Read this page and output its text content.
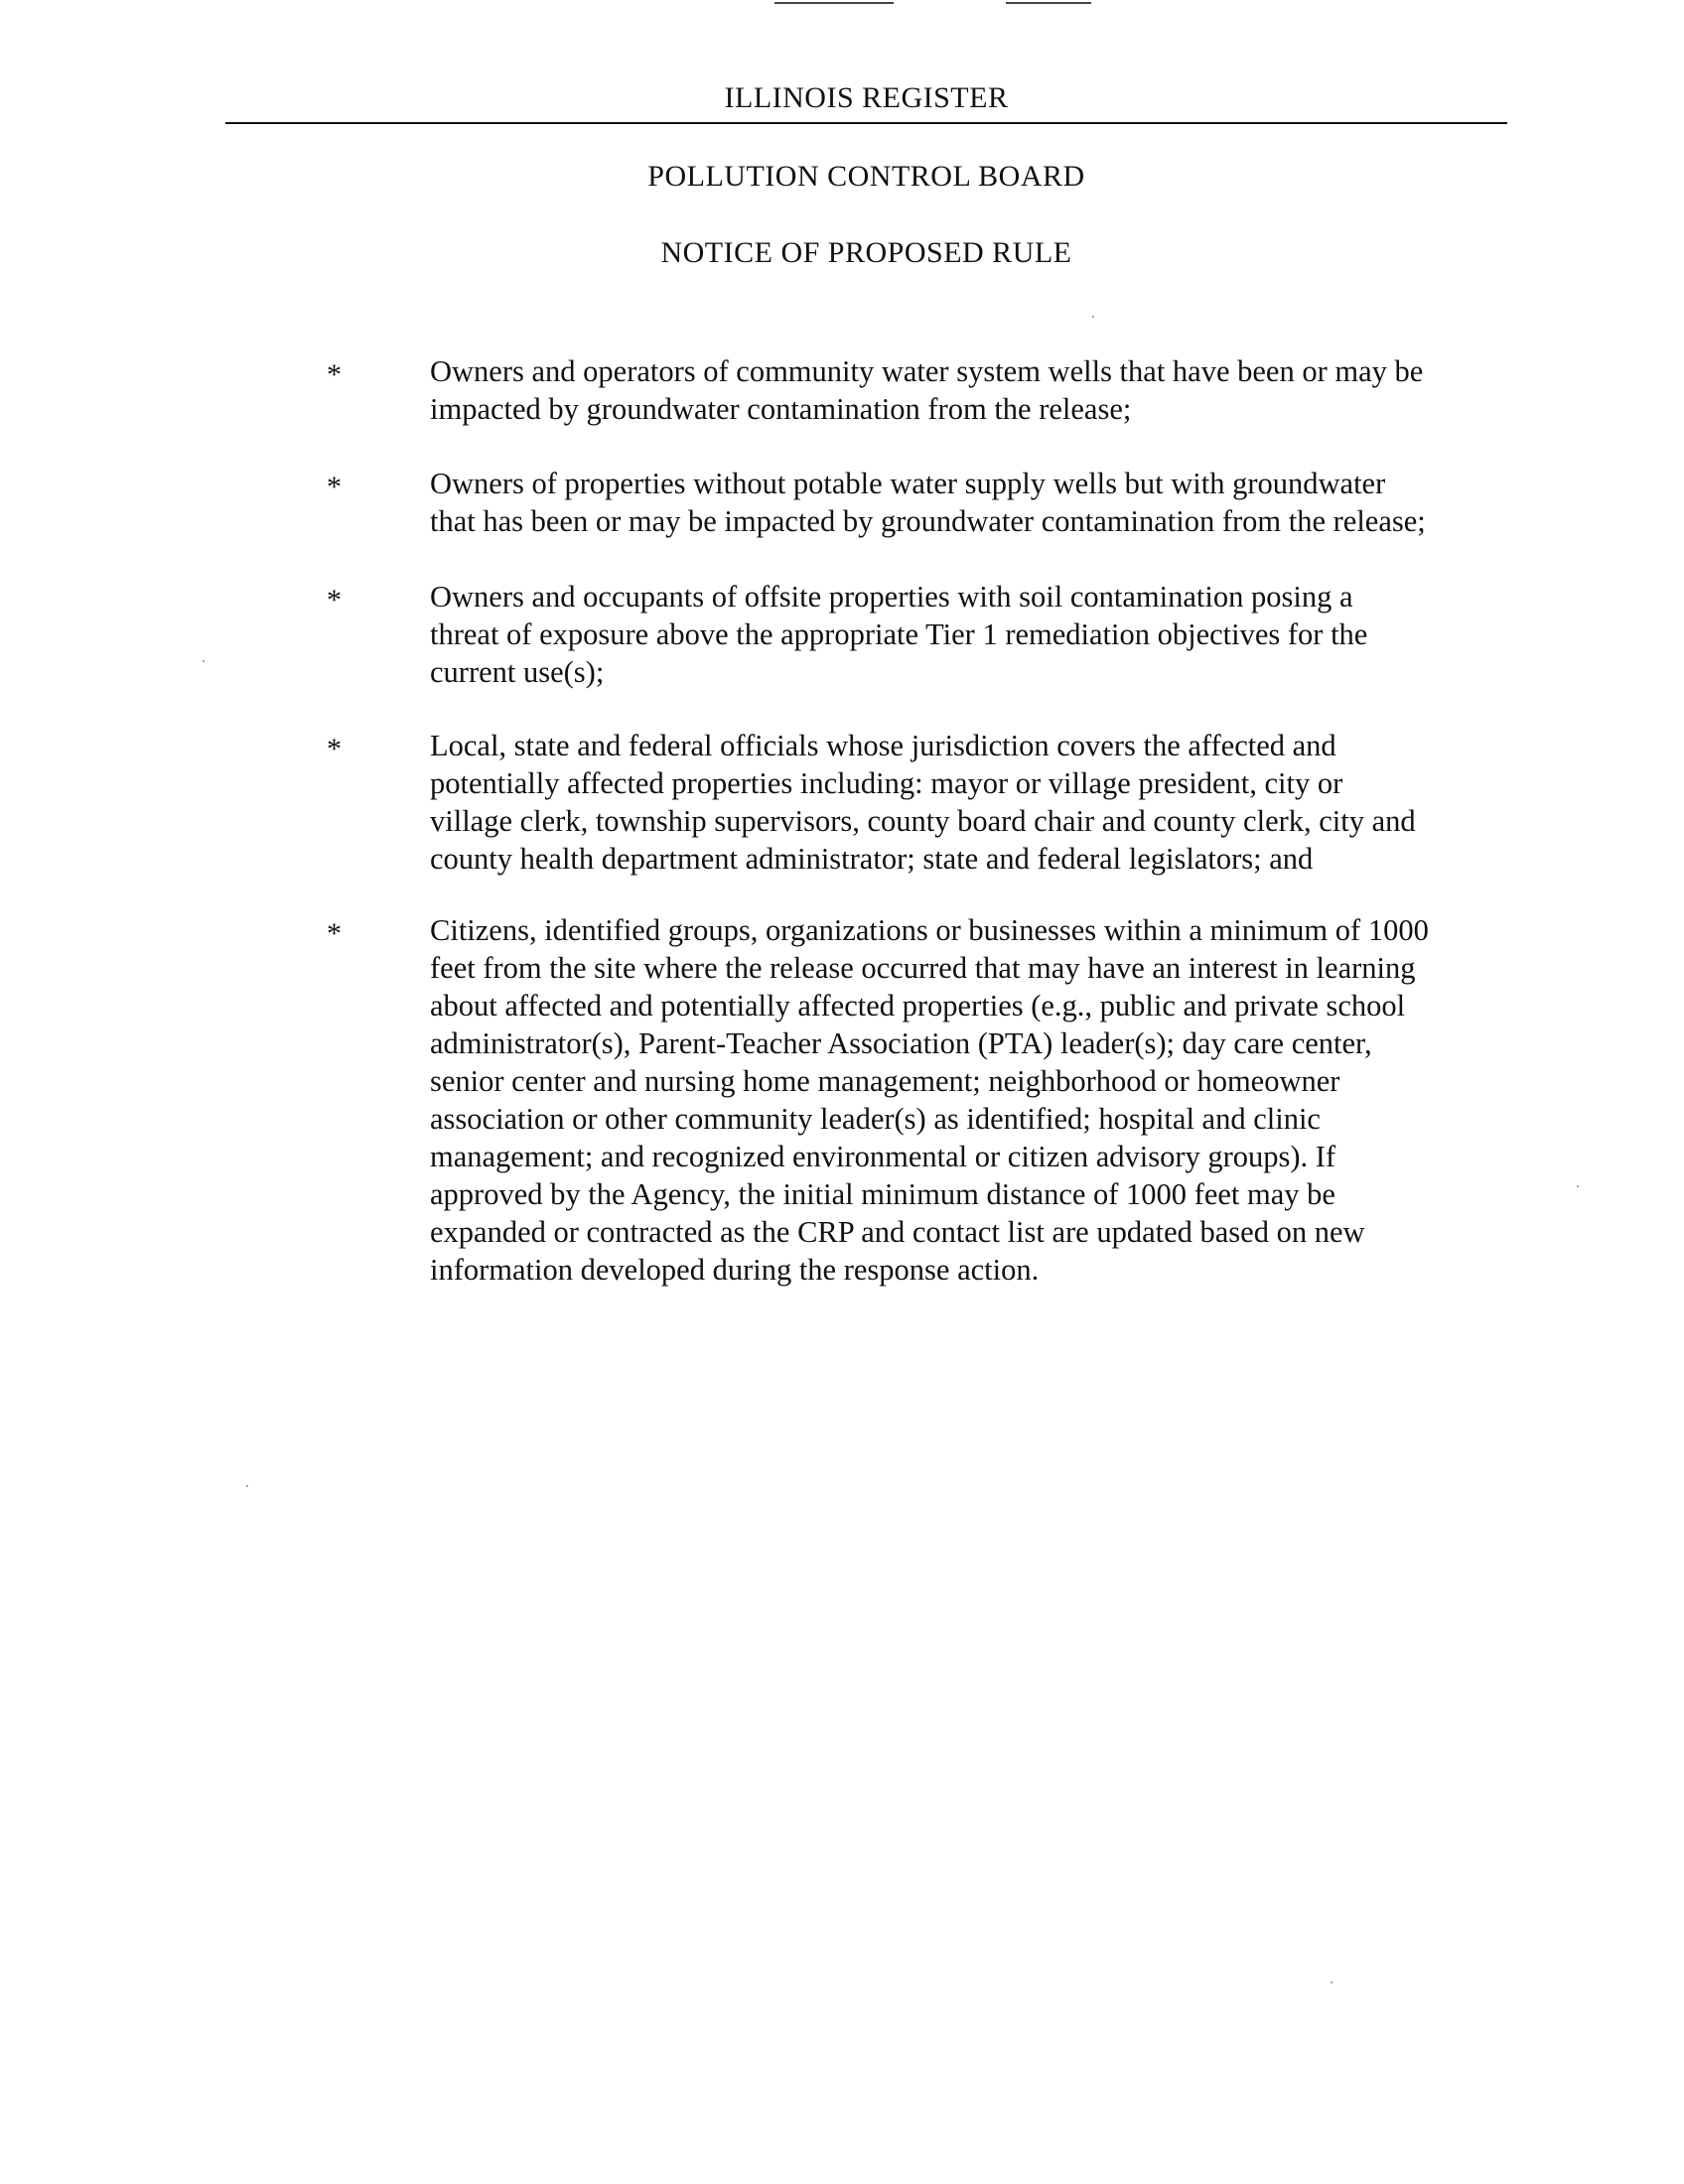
ILLINOIS REGISTER
POLLUTION CONTROL BOARD
NOTICE OF PROPOSED RULE
*	Owners and operators of community water system wells that have been or may be
impacted by groundwater contamination from the release;

*	Owners of properties without potable water supply wells but with groundwater
that has been or may be impacted by groundwater contamination from the release;

*	Owners and occupants of offsite properties with soil contamination posing a
threat of exposure above the appropriate Tier 1 remediation objectives for the
current use(s);

*	Local, state and federal officials whose jurisdiction covers the affected and
potentially affected properties including: mayor or village president, city or
village clerk, township supervisors, county board chair and county clerk, city and
county health department administrator; state and federal legislators; and

*	Citizens, identified groups, organizations or businesses within a minimum of 1000
feet from the site where the release occurred that may have an interest in learning
about affected and potentially affected properties (e.g., public and private school
administrator(s), Parent-Teacher Association (PTA) leader(s); day care center,
senior center and nursing home management; neighborhood or homeowner
association or other community leader(s) as identified; hospital and clinic
management; and recognized environmental or citizen advisory groups). If
approved by the Agency, the initial minimum distance of 1000 feet may be
expanded or contracted as the CRP and contact list are updated based on new
information developed during the response action.
